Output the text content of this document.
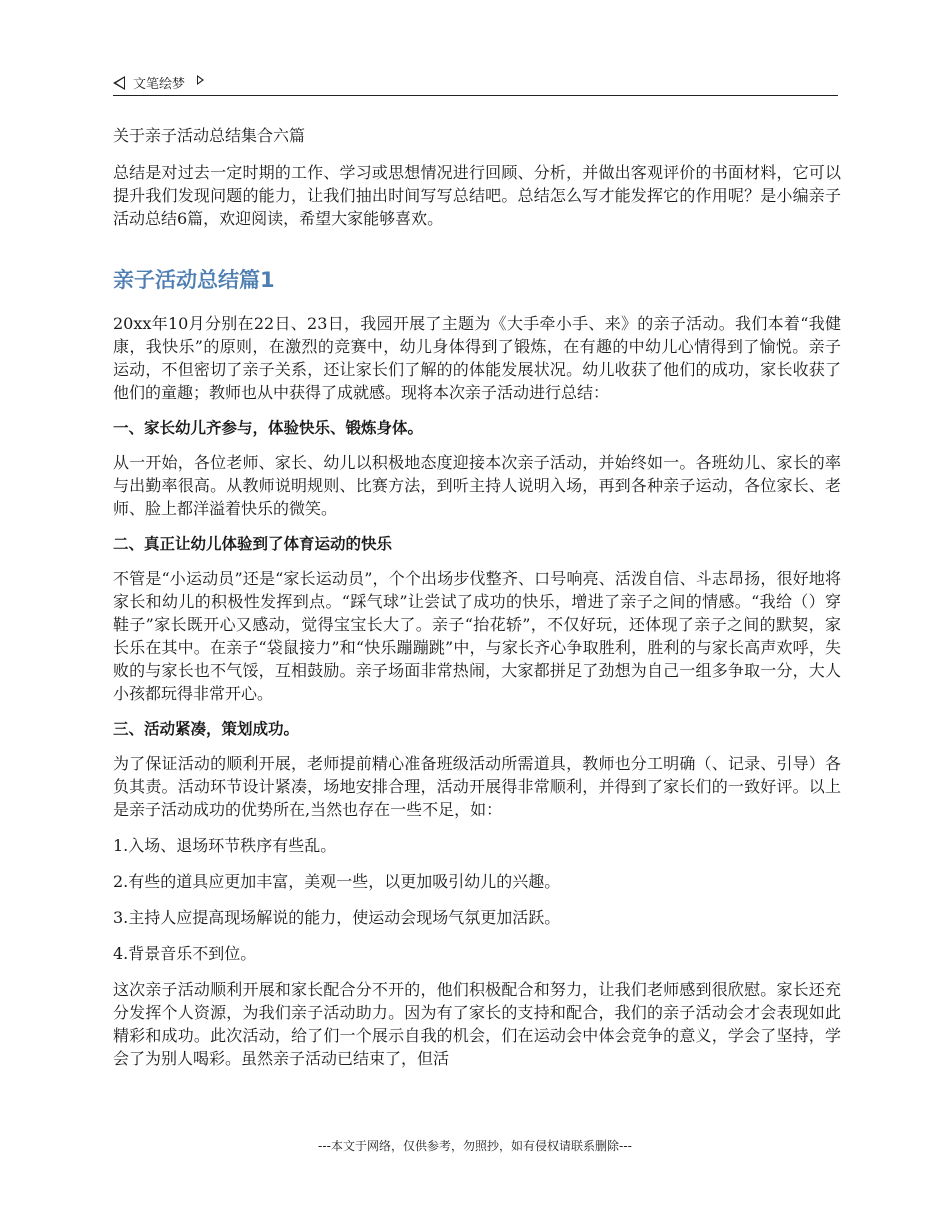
文笔绘梦

关于亲子活动总结集合六篇

总结是对过去一定时期的工作、学习或思想情况进行回顾、分析，并做出客观评价的书面材料，它可以提升我们发现问题的能力，让我们抽出时间写写总结吧。总结怎么写才能发挥它的作用呢？是小编亲子活动总结6篇，欢迎阅读，希望大家能够喜欢。

亲子活动总结篇1

20xx年10月分别在22日、23日，我园开展了主题为《大手牵小手、来》的亲子活动。我们本着“我健康，我快乐”的原则，在激烈的竞赛中，幼儿身体得到了锻炼，在有趣的中幼儿心情得到了愉悦。亲子运动，不但密切了亲子关系，还让家长们了解的的体能发展状况。幼儿收获了他们的成功，家长收获了他们的童趣；教师也从中获得了成就感。现将本次亲子活动进行总结：

一、家长幼儿齐参与，体验快乐、锻炼身体。

从一开始，各位老师、家长、幼儿以积极地态度迎接本次亲子活动，并始终如一。各班幼儿、家长的率与出勤率很高。从教师说明规则、比赛方法，到听主持人说明入场，再到各种亲子运动，各位家长、老师、脸上都洋溢着快乐的微笑。

二、真正让幼儿体验到了体育运动的快乐

不管是“小运动员”还是“家长运动员”，个个出场步伐整齐、口号响亮、活泼自信、斗志昂扬，很好地将家长和幼儿的积极性发挥到点。“踩气球”让尝试了成功的快乐，增进了亲子之间的情感。“我给（）穿鞋子”家长既开心又感动，觉得宝宝长大了。亲子“抬花轿”，不仅好玩，还体现了亲子之间的默契，家长乐在其中。在亲子“袋鼠接力”和“快乐蹦蹦跳”中，与家长齐心争取胜利，胜利的与家长高声欢呼，失败的与家长也不气馁，互相鼓励。亲子场面非常热闹，大家都拼足了劲想为自己一组多争取一分，大人小孩都玩得非常开心。

三、活动紧凑，策划成功。

为了保证活动的顺利开展，老师提前精心准备班级活动所需道具，教师也分工明确（、记录、引导）各负其责。活动环节设计紧凑，场地安排合理，活动开展得非常顺利，并得到了家长们的一致好评。以上是亲子活动成功的优势所在,当然也存在一些不足，如：

1.入场、退场环节秩序有些乱。

2.有些的道具应更加丰富，美观一些，以更加吸引幼儿的兴趣。

3.主持人应提高现场解说的能力，使运动会现场气氛更加活跃。

4.背景音乐不到位。

这次亲子活动顺利开展和家长配合分不开的，他们积极配合和努力，让我们老师感到很欣慰。家长还充分发挥个人资源，为我们亲子活动助力。因为有了家长的支持和配合，我们的亲子活动会才会表现如此精彩和成功。此次活动，给了们一个展示自我的机会，们在运动会中体会竞争的意义，学会了坚持，学会了为别人喝彩。虽然亲子活动已结束了，但活

---本文于网络，仅供参考，勿照抄，如有侵权请联系删除---
